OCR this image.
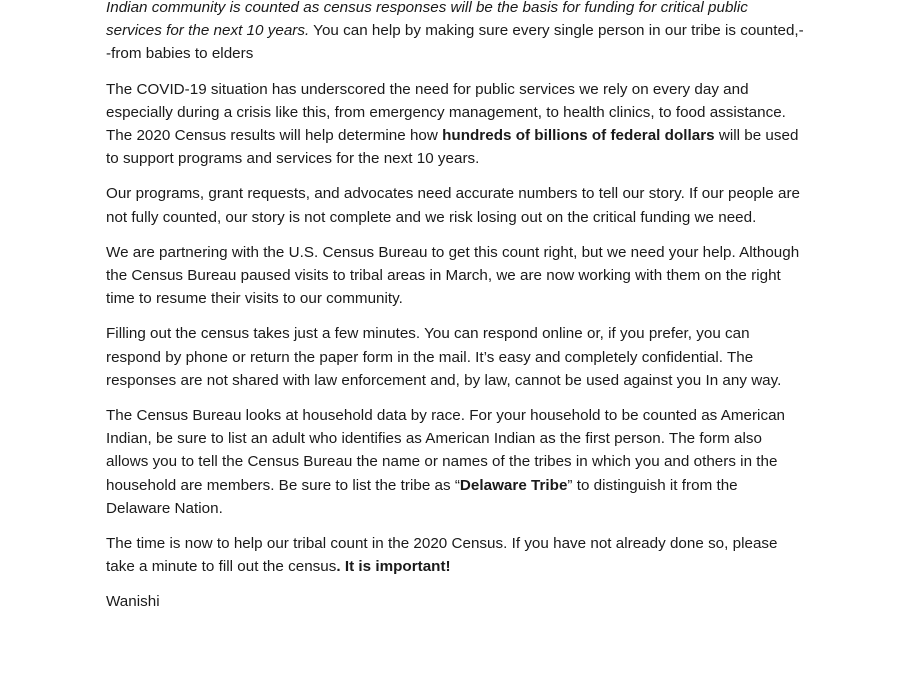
Indian community is counted as census responses will be the basis for funding for critical public services for the next 10 years. You can help by making sure every single person in our tribe is counted,--from babies to elders

The COVID-19 situation has underscored the need for public services we rely on every day and especially during a crisis like this, from emergency management, to health clinics, to food assistance. The 2020 Census results will help determine how hundreds of billions of federal dollars will be used to support programs and services for the next 10 years.

Our programs, grant requests, and advocates need accurate numbers to tell our story. If our people are not fully counted, our story is not complete and we risk losing out on the critical funding we need.

We are partnering with the U.S. Census Bureau to get this count right, but we need your help. Although the Census Bureau paused visits to tribal areas in March, we are now working with them on the right time to resume their visits to our community.

Filling out the census takes just a few minutes. You can respond online or, if you prefer, you can respond by phone or return the paper form in the mail. It’s easy and completely confidential. The responses are not shared with law enforcement and, by law, cannot be used against you In any way.

The Census Bureau looks at household data by race. For your household to be counted as American Indian, be sure to list an adult who identifies as American Indian as the first person. The form also allows you to tell the Census Bureau the name or names of the tribes in which you and others in the household are members. Be sure to list the tribe as “Delaware Tribe” to distinguish it from the Delaware Nation.

The time is now to help our tribal count in the 2020 Census. If you have not already done so, please take a minute to fill out the census. It is important!

Wanishi
